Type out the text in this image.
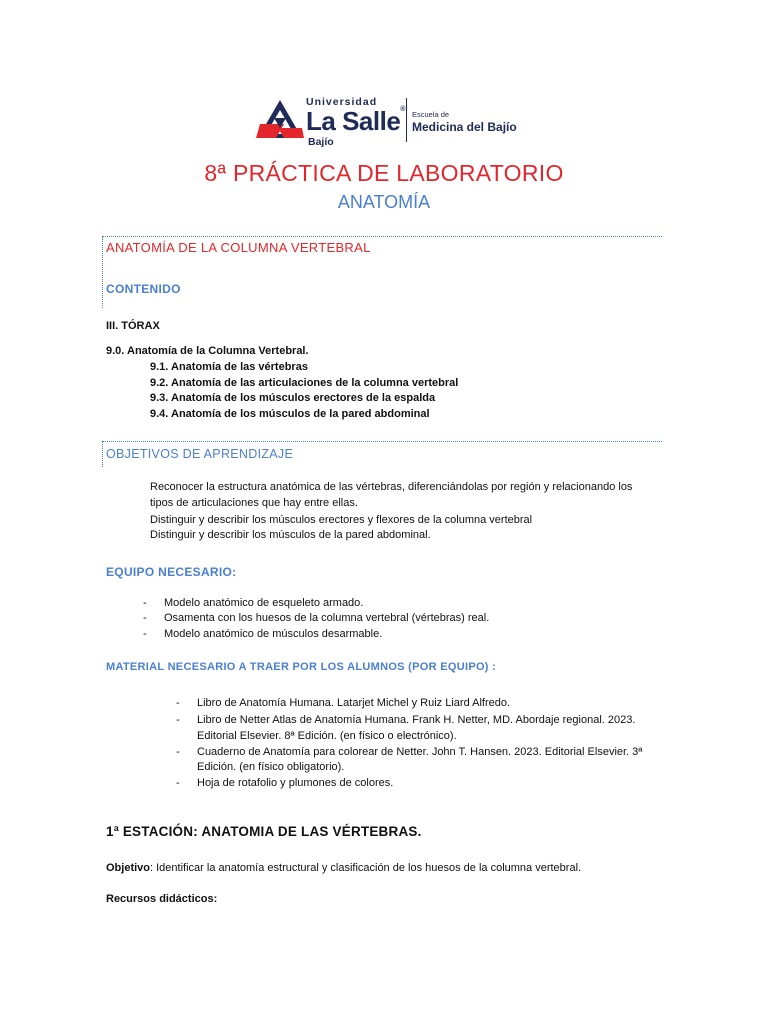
Universidad
La Salle®
Bajío
Escuela de
Medicina del Bajío
8ª PRÁCTICA DE LABORATORIO
ANATOMÍA
ANATOMÍA DE LA COLUMNA VERTEBRAL
CONTENIDO
III. TÓRAX
9.0. Anatomía de la Columna Vertebral.
9.1. Anatomía de las vértebras
9.2. Anatomía de las articulaciones de la columna vertebral
9.3. Anatomía de los músculos erectores de la espalda
9.4. Anatomía de los músculos de la pared abdominal
OBJETIVOS DE APRENDIZAJE
Reconocer la estructura anatómica de las vértebras, diferenciándolas por región y relacionando los
tipos de articulaciones que hay entre ellas.
Distinguir y describir los músculos erectores y flexores de la columna vertebral
Distinguir y describir los músculos de la pared abdominal.
EQUIPO NECESARIO:
- Modelo anatómico de esqueleto armado.
- Osamenta con los huesos de la columna vertebral (vértebras) real.
- Modelo anatómico de músculos desarmable.
MATERIAL NECESARIO A TRAER POR LOS ALUMNOS (POR EQUIPO) :
- Libro de Anatomía Humana. Latarjet Michel y Ruiz Liard Alfredo.
- Libro de Netter Atlas de Anatomía Humana. Frank H. Netter, MD. Abordaje regional. 2023.
Editorial Elsevier. 8ª Edición. (en físico o electrónico).
- Cuaderno de Anatomía para colorear de Netter. John T. Hansen. 2023. Editorial Elsevier. 3ª
Edición. (en físico obligatorio).
- Hoja de rotafolio y plumones de colores.
1ª ESTACIÓN: ANATOMIA DE LAS VÉRTEBRAS.
Objetivo: Identificar la anatomía estructural y clasificación de los huesos de la columna vertebral.
Recursos didácticos:
